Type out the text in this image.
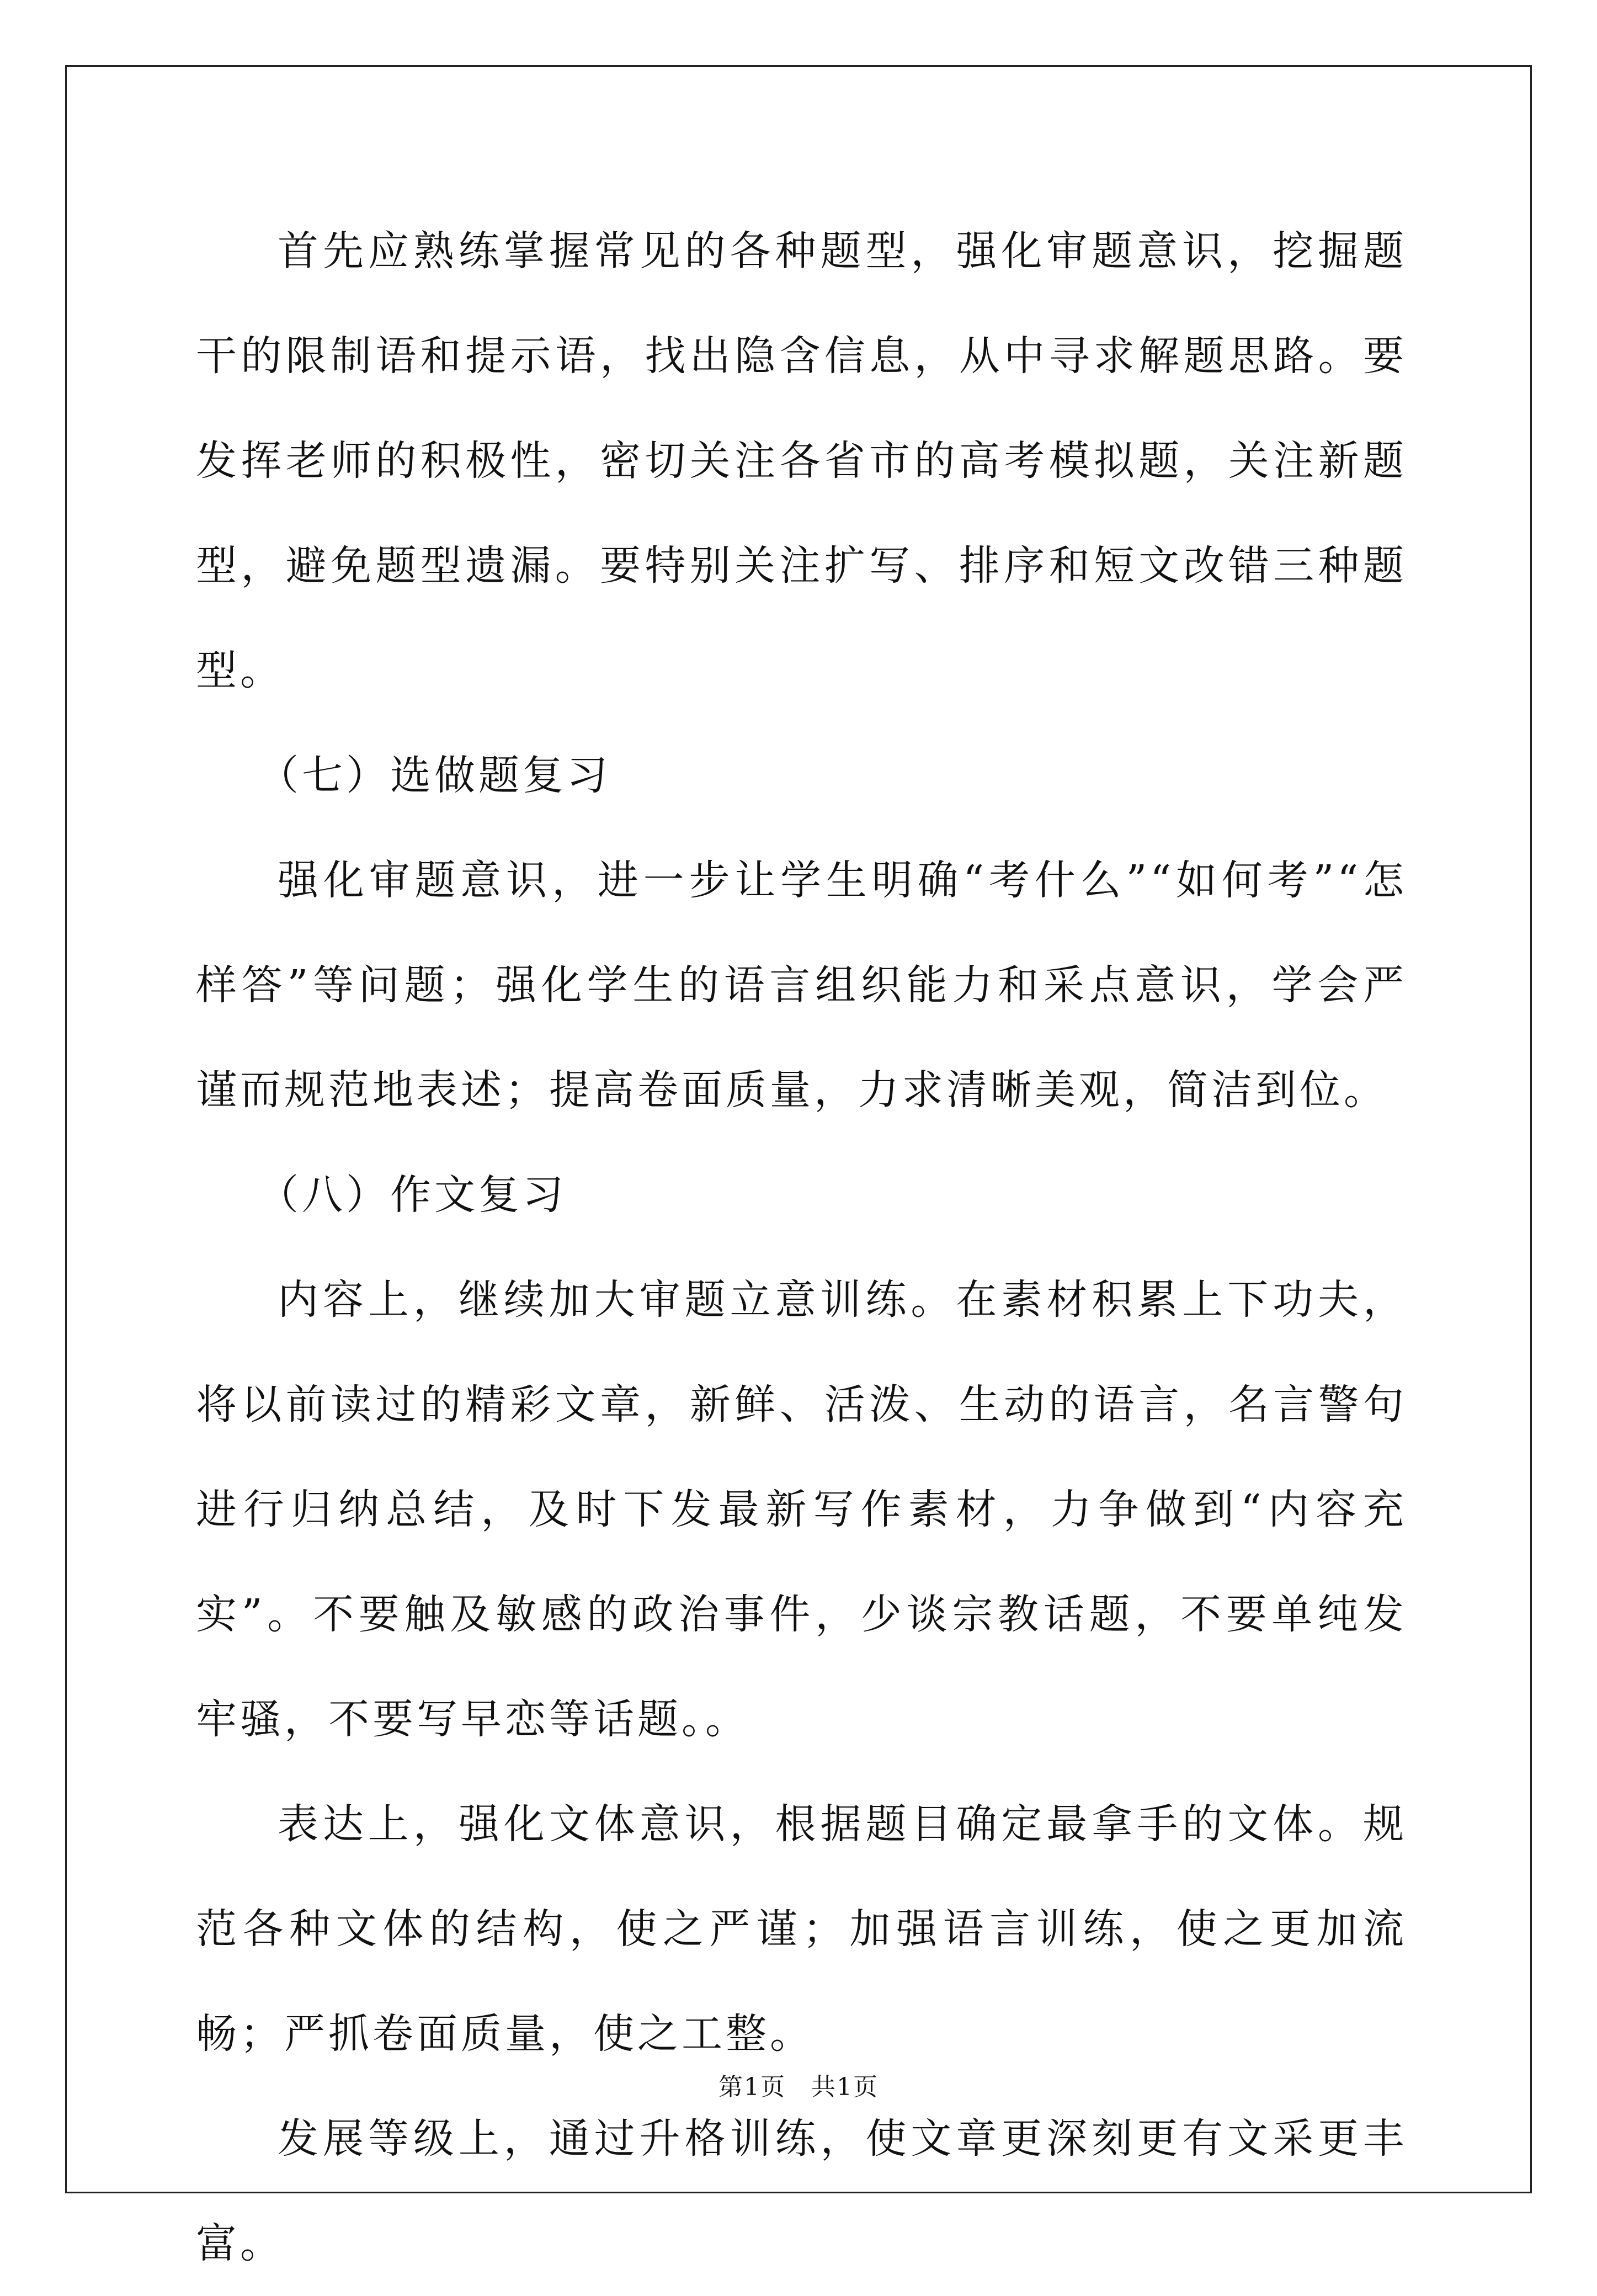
首先应熟练掌握常见的各种题型，强化审题意识，挖掘题干的限制语和提示语，找出隐含信息，从中寻求解题思路。要发挥老师的积极性，密切关注各省市的高考模拟题，关注新题型，避免题型遗漏。要特别关注扩写、排序和短文改错三种题型。

（七）选做题复习

强化审题意识，进一步让学生明确“考什么”“如何考”“怎样答”等问题；强化学生的语言组织能力和采点意识，学会严谨而规范地表述；提高卷面质量，力求清晰美观，简洁到位。

（八）作文复习

内容上，继续加大审题立意训练。在素材积累上下功夫，将以前读过的精彩文章，新鲜、活泼、生动的语言，名言警句进行归纳总结，及时下发最新写作素材，力争做到“内容充实”。不要触及敏感的政治事件，少谈宗教话题，不要单纯发牢骚，不要写早恋等话题。。

表达上，强化文体意识，根据题目确定最拿手的文体。规范各种文体的结构，使之严谨；加强语言训练，使之更加流畅；严抓卷面质量，使之工整。

发展等级上，通过升格训练，使文章更深刻更有文采更丰富。

第1页　共1页
